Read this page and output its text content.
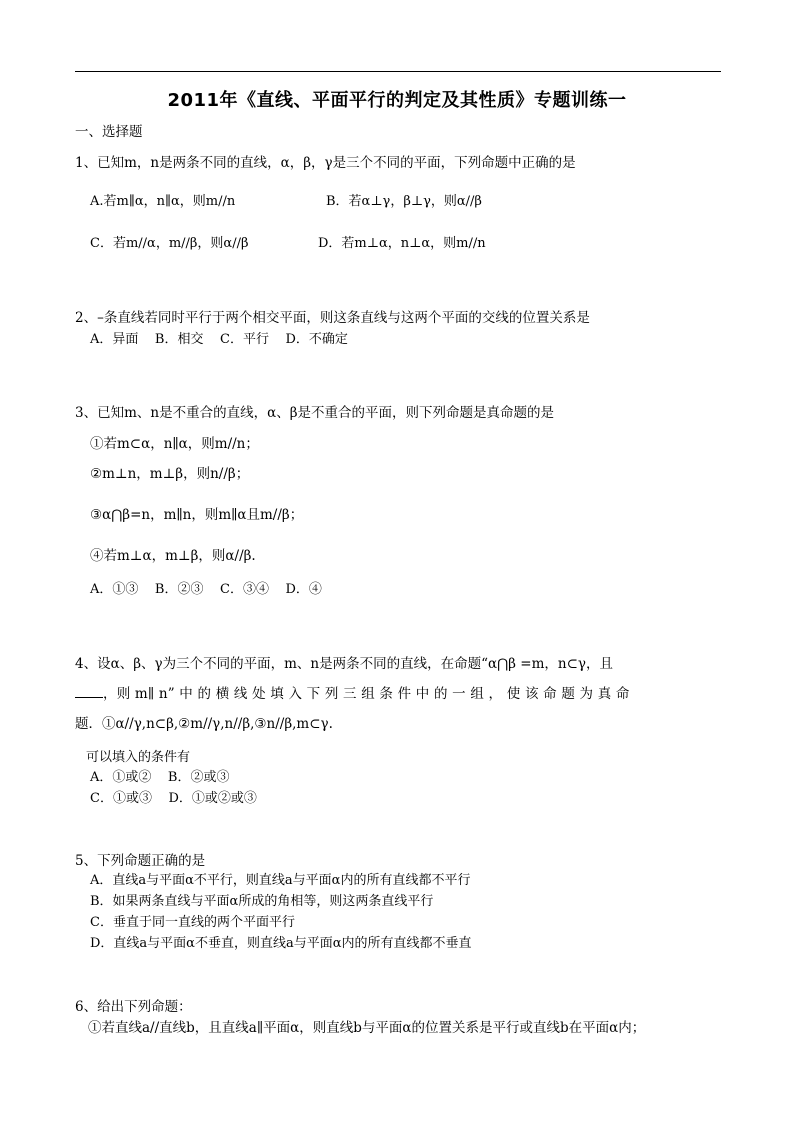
2011年《直线、平面平行的判定及其性质》专题训练一
一、选择题
1、已知m，n是两条不同的直线，α，β，γ是三个不同的平面，下列命题中正确的是
A.若m∥α，n∥α，则m//n	B．若α⊥γ，β⊥γ，则α//β
C．若m//α，m//β，则α//β	D．若m⊥α，n⊥α，则m//n
2、–条直线若同时平行于两个相交平面，则这条直线与这两个平面的交线的位置关系是
A．异面    B．相交    C．平行    D．不确定
3、已知m、n是不重合的直线，α、β是不重合的平面，则下列命题是真命题的是
①若m⊂α，n∥α，则m//n；
②m⊥n，m⊥β，则n//β；
③α⋂β=n，m∥n，则m∥α且m//β；
④若m⊥α，m⊥β，则α//β.
A．①③    B．②③    C．③④    D．④
4、设α、β、γ为三个不同的平面，m、n是两条不同的直线，在命题“α⋂β =m，n⊂γ，且
，则 m∥ n” 中 的 横 线 处 填 入 下 列 三 组 条 件 中 的 一 组 ， 使 该 命 题 为 真 命
题．①α//γ,n⊂β,②m//γ,n//β,③n//β,m⊂γ.
可以填入的条件有
A．①或②    B．②或③
C．①或③    D．①或②或③
5、下列命题正确的是
A．直线a与平面α不平行，则直线a与平面α内的所有直线都不平行
B．如果两条直线与平面α所成的角相等，则这两条直线平行
C．垂直于同一直线的两个平面平行
D．直线a与平面α不垂直，则直线a与平面α内的所有直线都不垂直
6、给出下列命题：
①若直线a//直线b，且直线a∥平面α，则直线b与平面α的位置关系是平行或直线b在平面α内；
